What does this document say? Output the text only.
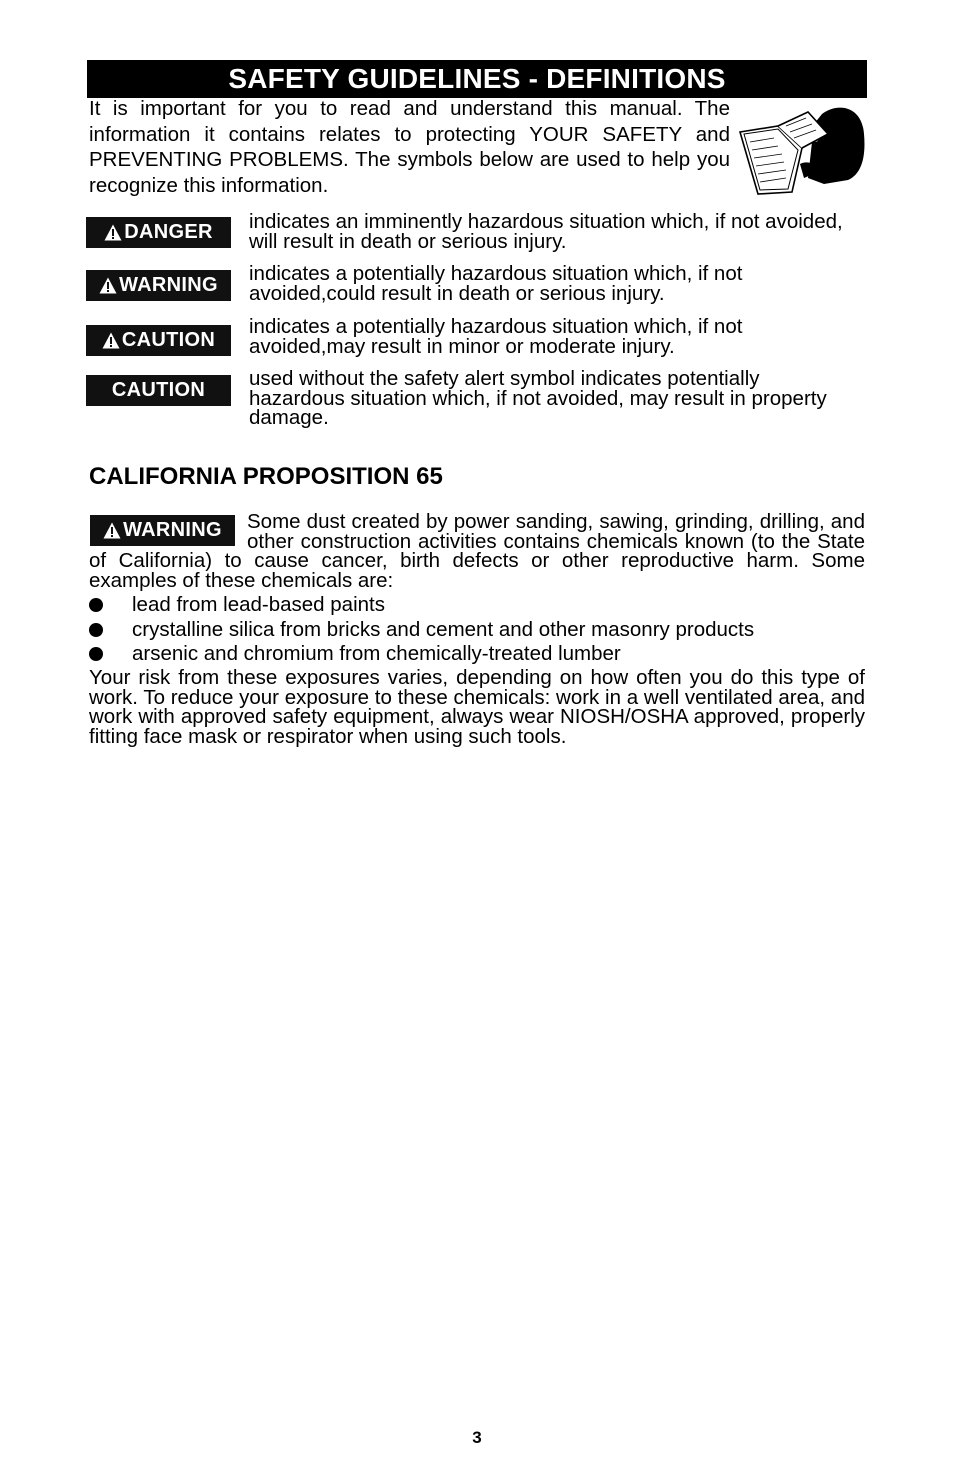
SAFETY GUIDELINES - DEFINITIONS
It is important for you to read and understand this manual. The information it contains relates to protecting YOUR SAFETY and PREVENTING PROBLEMS. The symbols below are used to help you recognize this information.
DANGER indicates an imminently hazardous situation which, if not avoided, will result in death or serious injury.
WARNING indicates a potentially hazardous situation which, if not avoided,could result in death or serious injury.
CAUTION
indicates a potentially hazardous situation which, if not avoided,may result in minor or moderate injury.
CAUTION used without the safety alert symbol indicates potentially hazardous situation which, if not avoided, may result in property damage.
CALIFORNIA PROPOSITION 65
WARNING	Some dust created by power sanding, sawing, grinding, drilling, and other construction activities contains chemicals known (to the State of California) to cause cancer, birth defects or other reproductive harm. Some examples of these chemicals are:
lead from lead-based paints
crystalline silica from bricks and cement and other masonry products
arsenic and chromium from chemically-treated lumber
Your risk from these exposures varies, depending on how often you do this type of work. To reduce your exposure to these chemicals: work in a well ventilated area, and work with approved safety equipment, always wear NIOSH/OSHA approved, properly fitting face mask or respirator when using such tools.
3
